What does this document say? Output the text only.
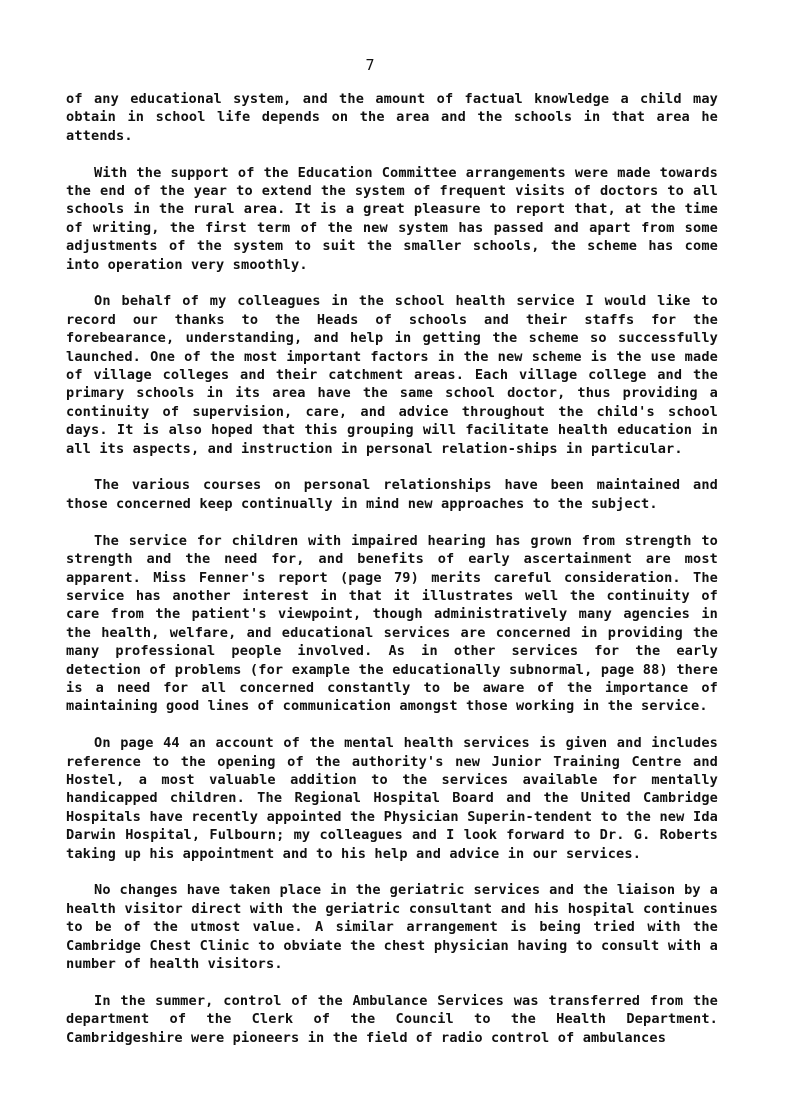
7

of any educational system, and the amount of factual knowledge a child may obtain in school life depends on the area and the schools in that area he attends.

With the support of the Education Committee arrangements were made towards the end of the year to extend the system of frequent visits of doctors to all schools in the rural area. It is a great pleasure to report that, at the time of writing, the first term of the new system has passed and apart from some adjustments of the system to suit the smaller schools, the scheme has come into operation very smoothly.

On behalf of my colleagues in the school health service I would like to record our thanks to the Heads of schools and their staffs for the forebearance, understanding, and help in getting the scheme so successfully launched. One of the most important factors in the new scheme is the use made of village colleges and their catchment areas. Each village college and the primary schools in its area have the same school doctor, thus providing a continuity of supervision, care, and advice throughout the child's school days. It is also hoped that this grouping will facilitate health education in all its aspects, and instruction in personal relation-ships in particular.

The various courses on personal relationships have been maintained and those concerned keep continually in mind new approaches to the subject.

The service for children with impaired hearing has grown from strength to strength and the need for, and benefits of early ascertainment are most apparent. Miss Fenner's report (page 79) merits careful consideration. The service has another interest in that it illustrates well the continuity of care from the patient's viewpoint, though administratively many agencies in the health, welfare, and educational services are concerned in providing the many professional people involved. As in other services for the early detection of problems (for example the educationally subnormal, page 88) there is a need for all concerned constantly to be aware of the importance of maintaining good lines of communication amongst those working in the service.

On page 44 an account of the mental health services is given and includes reference to the opening of the authority's new Junior Training Centre and Hostel, a most valuable addition to the services available for mentally handicapped children. The Regional Hospital Board and the United Cambridge Hospitals have recently appointed the Physician Superin-tendent to the new Ida Darwin Hospital, Fulbourn; my colleagues and I look forward to Dr. G. Roberts taking up his appointment and to his help and advice in our services.

No changes have taken place in the geriatric services and the liaison by a health visitor direct with the geriatric consultant and his hospital continues to be of the utmost value. A similar arrangement is being tried with the Cambridge Chest Clinic to obviate the chest physician having to consult with a number of health visitors.

In the summer, control of the Ambulance Services was transferred from the department of the Clerk of the Council to the Health Department. Cambridgeshire were pioneers in the field of radio control of ambulances
